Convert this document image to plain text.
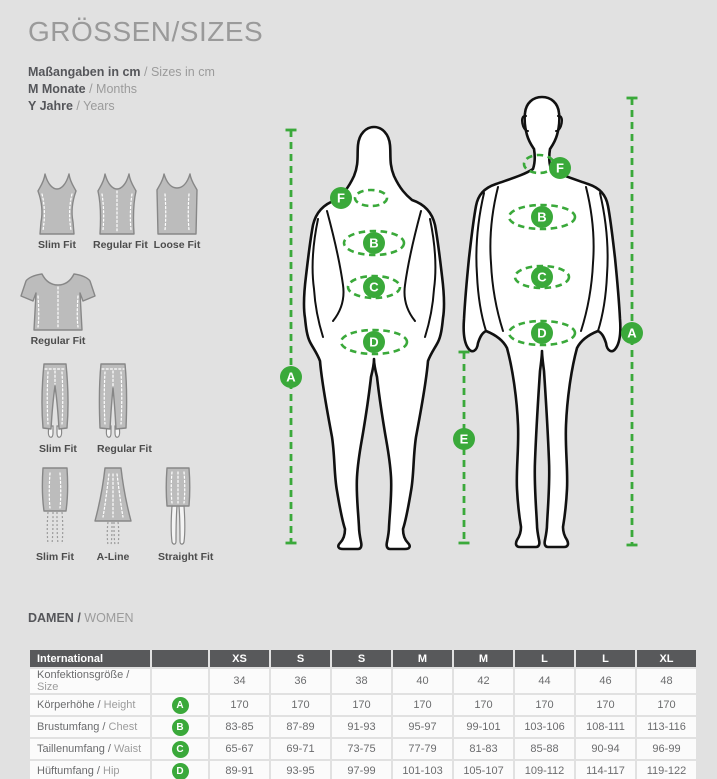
GRÖSSEN/SIZES
Maßangaben in cm / Sizes in cm
M Monate / Months
Y Jahre / Years
Slim Fit	Regular Fit Loose Fit
Regular Fit
Slim Fit Regular Fit
Slim Fit	A-Line	Straight Fit
A
F
B
C
D
E
F
B
C
D	A
DAMEN / WOMEN
International		XS	S	S	M	M	L	L	XL
Konfektionsgröße / Size		34	36	38	40	42	44	46	48
Körperhöhe / Height	A	170	170	170	170	170	170	170	170
Brustumfang / Chest	B	83-85	87-89	91-93	95-97	99-101	103-106	108-111	113-116
Taillenumfang / Waist	C	65-67	69-71	73-75	77-79	81-83	85-88	90-94	96-99
Hüftumfang / Hip	D	89-91	93-95	97-99	101-103	105-107	109-112	114-117	119-122
